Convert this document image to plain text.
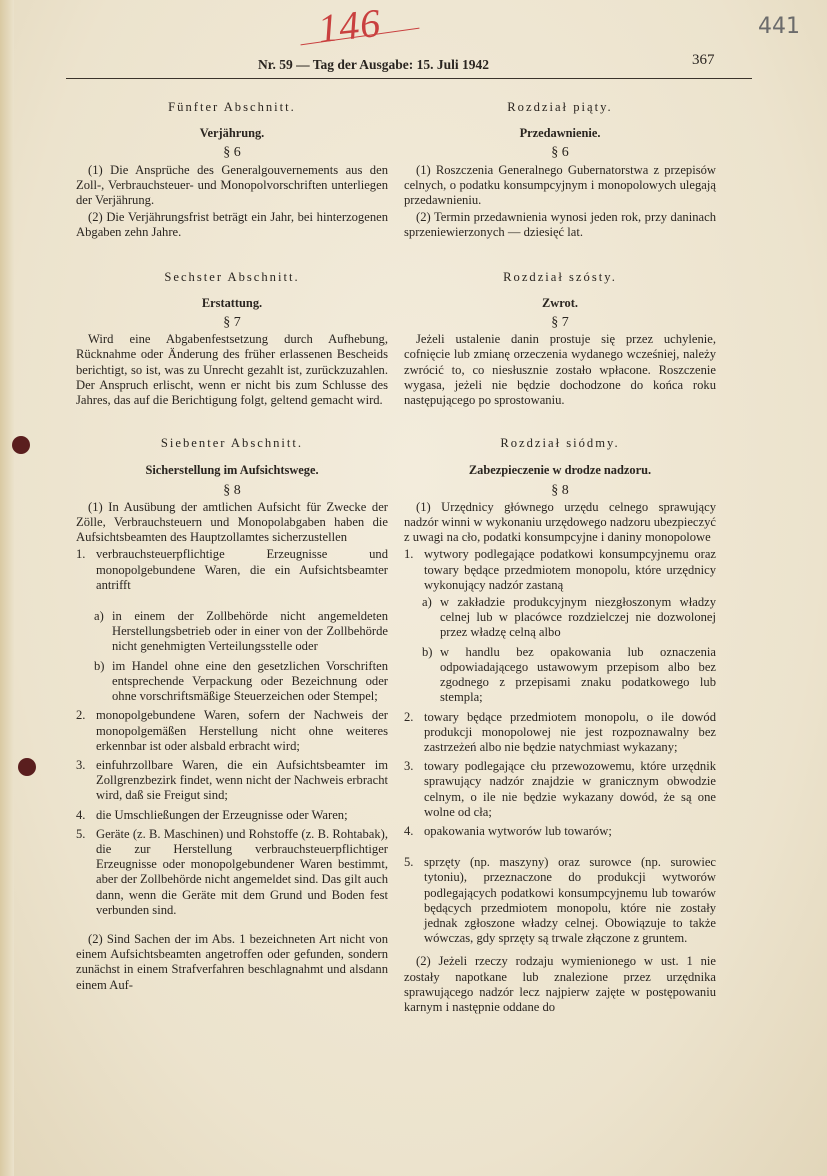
146	441
Nr. 59 — Tag der Ausgabe: 15. Juli 1942	367
Fünfter Abschnitt.
Verjährung.
§ 6

(1) Die Ansprüche des Generalgouvernements aus den Zoll-, Verbrauchsteuer- und Monopolvorschriften unterliegen der Verjährung.

(2) Die Verjährungsfrist beträgt ein Jahr, bei hinterzogenen Abgaben zehn Jahre.

Sechster Abschnitt.
Erstattung.
§ 7

Wird eine Abgabenfestsetzung durch Aufhebung, Rücknahme oder Änderung des früher erlassenen Bescheids berichtigt, so ist, was zu Unrecht gezahlt ist, zurückzuzahlen. Der Anspruch erlischt, wenn er nicht bis zum Schlusse des Jahres, das auf die Berichtigung folgt, geltend gemacht wird.

Siebenter Abschnitt.
Sicherstellung im Aufsichtswege.
§ 8

(1) In Ausübung der amtlichen Aufsicht für Zwecke der Zölle, Verbrauchsteuern und Monopolabgaben haben die Aufsichtsbeamten des Hauptzollamtes sicherzustellen

1. verbrauchsteuerpflichtige Erzeugnisse und monopolgebundene Waren, die ein Aufsichtsbeamter antrifft
a) in einem der Zollbehörde nicht angemeldeten Herstellungsbetrieb oder in einer von der Zollbehörde nicht genehmigten Verteilungsstelle oder
b) im Handel ohne eine den gesetzlichen Vorschriften entsprechende Verpackung oder Bezeichnung oder ohne vorschriftsmäßige Steuerzeichen oder Stempel;
2. monopolgebundene Waren, sofern der Nachweis der monopolgemäßen Herstellung nicht ohne weiteres erkennbar ist oder alsbald erbracht wird;
3. einfuhrzollbare Waren, die ein Aufsichtsbeamter im Zollgrenzbezirk findet, wenn nicht der Nachweis erbracht wird, daß sie Freigut sind;
4. die Umschließungen der Erzeugnisse oder Waren;
5. Geräte (z. B. Maschinen) und Rohstoffe (z. B. Rohtabak), die zur Herstellung verbrauchsteuerpflichtiger Erzeugnisse oder monopolgebundener Waren bestimmt, aber der Zollbehörde nicht angemeldet sind. Das gilt auch dann, wenn die Geräte mit dem Grund und Boden fest verbunden sind.

(2) Sind Sachen der im Abs. 1 bezeichneten Art nicht von einem Aufsichtsbeamten angetroffen oder gefunden, sondern zunächst in einem Strafverfahren beschlagnahmt und alsdann einem Auf-

Rozdział piąty.
Przedawnienie.
§ 6

(1) Roszczenia Generalnego Gubernatorstwa z przepisów celnych, o podatku konsumpcyjnym i monopolowych ulegają przedawnieniu.

(2) Termin przedawnienia wynosi jeden rok, przy daninach sprzeniewierzonych — dziesięć lat.

Rozdział szósty.
Zwrot.
§ 7

Jeżeli ustalenie danin prostuje się przez uchylenie, cofnięcie lub zmianę orzeczenia wydanego wcześniej, należy zwrócić to, co niesłusznie zostało wpłacone. Roszczenie wygasa, jeżeli nie będzie dochodzone do końca roku następującego po sprostowaniu.

Rozdział siódmy.
Zabezpieczenie w drodze nadzoru.
§ 8

(1) Urzędnicy głównego urzędu celnego sprawujący nadzór winni w wykonaniu urzędowego nadzoru ubezpieczyć z uwagi na cło, podatki konsumpcyjne i daniny monopolowe

1. wytwory podlegające podatkowi konsumpcyjnemu oraz towary będące przedmiotem monopolu, które urzędnicy wykonujący nadzór zastaną
a) w zakładzie produkcyjnym niezgłoszonym władzy celnej lub w placówce rozdzielczej nie dozwolonej przez władzę celną albo
b) w handlu bez opakowania lub oznaczenia odpowiadającego ustawowym przepisom albo bez zgodnego z przepisami znaku podatkowego lub stempla;
2. towary będące przedmiotem monopolu, o ile dowód produkcji monopolowej nie jest rozpoznawalny bez zastrzeżeń albo nie będzie natychmiast wykazany;
3. towary podlegające cłu przewozowemu, które urzędnik sprawujący nadzór znajdzie w granicznym obwodzie celnym, o ile nie będzie wykazany dowód, że są one wolne od cła;
4. opakowania wytworów lub towarów;
5. sprzęty (np. maszyny) oraz surowce (np. surowiec tytoniu), przeznaczone do produkcji wytworów podlegających podatkowi konsumpcyjnemu lub towarów będących przedmiotem monopolu, które nie zostały jednak zgłoszone władzy celnej. Obowiązuje to także wówczas, gdy sprzęty są trwale złączone z gruntem.

(2) Jeżeli rzeczy rodzaju wymienionego w ust. 1 nie zostały napotkane lub znalezione przez urzędnika sprawującego nadzór lecz najpierw zajęte w postępowaniu karnym i następnie oddane do
